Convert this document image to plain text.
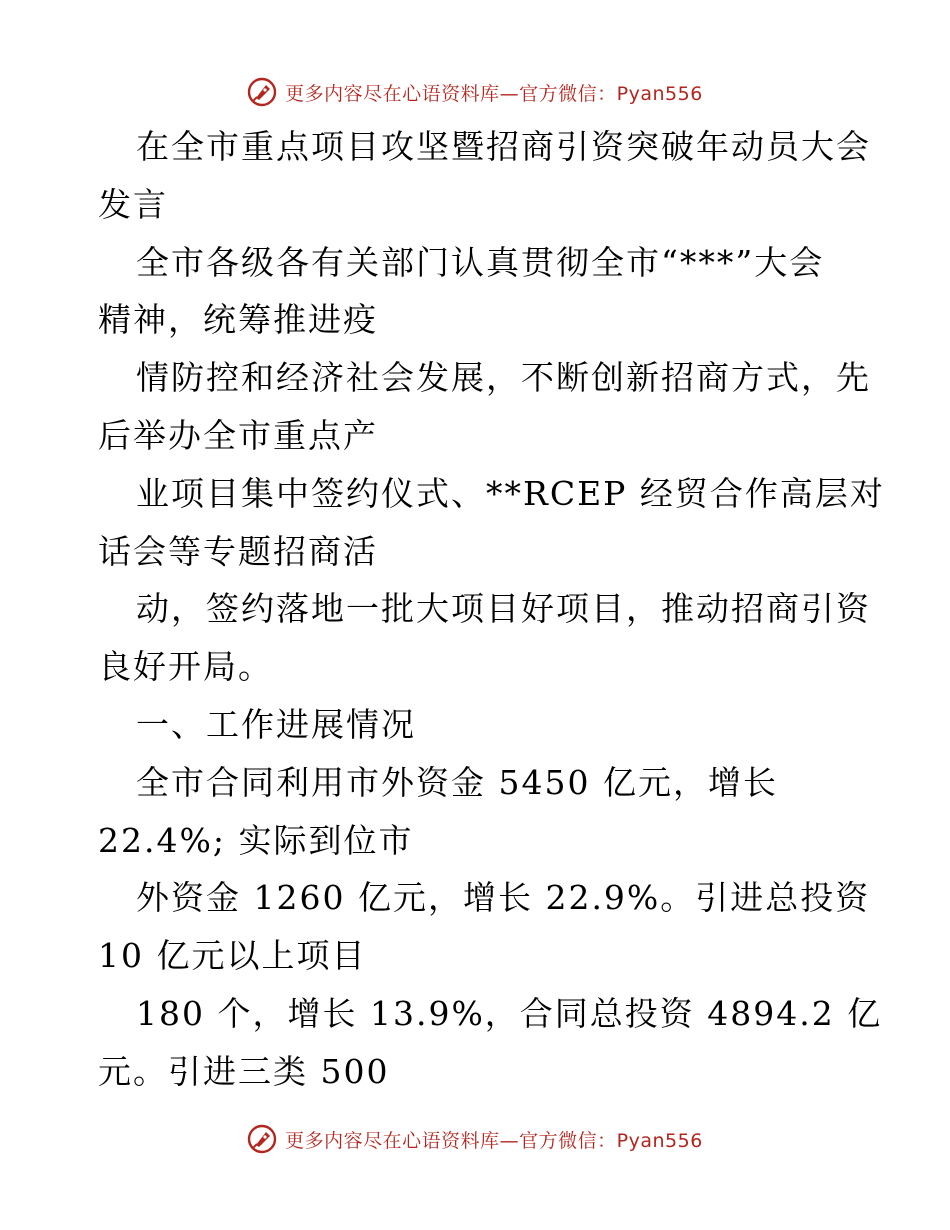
更多内容尽在心语资料库—官方微信：Pyan556
在全市重点项目攻坚暨招商引资突破年动员大会
发言
全市各级各有关部门认真贯彻全市“***”大会
精神，统筹推进疫
情防控和经济社会发展，不断创新招商方式，先
后举办全市重点产
业项目集中签约仪式、**RCEP 经贸合作高层对
话会等专题招商活
动，签约落地一批大项目好项目，推动招商引资
良好开局。
一、工作进展情况
全市合同利用市外资金 5450 亿元，增长
22.4%; 实际到位市
外资金 1260 亿元，增长 22.9%。引进总投资
10 亿元以上项目
180 个，增长 13.9%，合同总投资 4894.2 亿
元。引进三类 500
更多内容尽在心语资料库—官方微信：Pyan556
